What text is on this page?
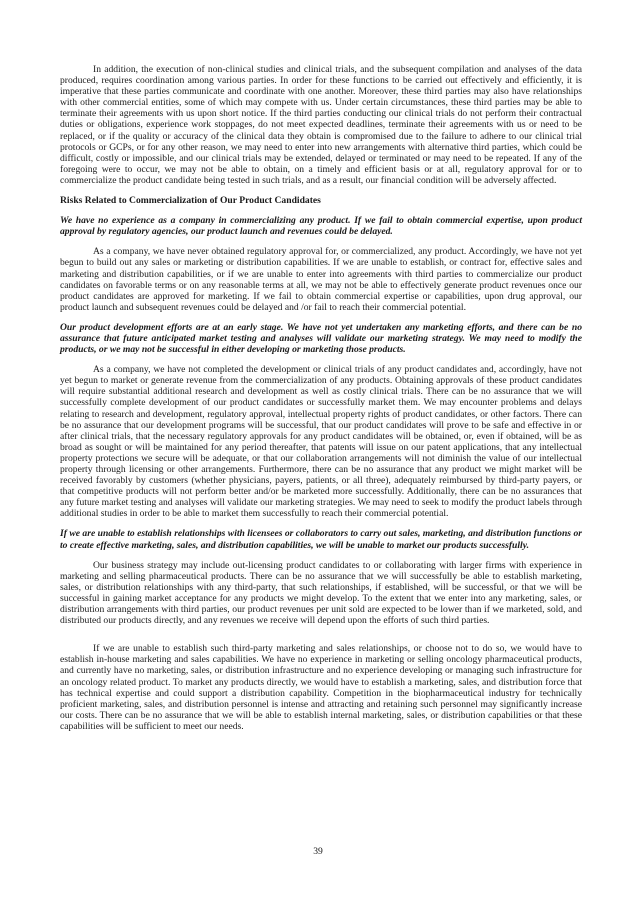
In addition, the execution of non-clinical studies and clinical trials, and the subsequent compilation and analyses of the data produced, requires coordination among various parties. In order for these functions to be carried out effectively and efficiently, it is imperative that these parties communicate and coordinate with one another. Moreover, these third parties may also have relationships with other commercial entities, some of which may compete with us. Under certain circumstances, these third parties may be able to terminate their agreements with us upon short notice. If the third parties conducting our clinical trials do not perform their contractual duties or obligations, experience work stoppages, do not meet expected deadlines, terminate their agreements with us or need to be replaced, or if the quality or accuracy of the clinical data they obtain is compromised due to the failure to adhere to our clinical trial protocols or GCPs, or for any other reason, we may need to enter into new arrangements with alternative third parties, which could be difficult, costly or impossible, and our clinical trials may be extended, delayed or terminated or may need to be repeated. If any of the foregoing were to occur, we may not be able to obtain, on a timely and efficient basis or at all, regulatory approval for or to commercialize the product candidate being tested in such trials, and as a result, our financial condition will be adversely affected.

Risks Related to Commercialization of Our Product Candidates

We have no experience as a company in commercializing any product. If we fail to obtain commercial expertise, upon product approval by regulatory agencies, our product launch and revenues could be delayed.

As a company, we have never obtained regulatory approval for, or commercialized, any product. Accordingly, we have not yet begun to build out any sales or marketing or distribution capabilities. If we are unable to establish, or contract for, effective sales and marketing and distribution capabilities, or if we are unable to enter into agreements with third parties to commercialize our product candidates on favorable terms or on any reasonable terms at all, we may not be able to effectively generate product revenues once our product candidates are approved for marketing. If we fail to obtain commercial expertise or capabilities, upon drug approval, our product launch and subsequent revenues could be delayed and /or fail to reach their commercial potential.

Our product development efforts are at an early stage. We have not yet undertaken any marketing efforts, and there can be no assurance that future anticipated market testing and analyses will validate our marketing strategy. We may need to modify the products, or we may not be successful in either developing or marketing those products.

As a company, we have not completed the development or clinical trials of any product candidates and, accordingly, have not yet begun to market or generate revenue from the commercialization of any products. Obtaining approvals of these product candidates will require substantial additional research and development as well as costly clinical trials. There can be no assurance that we will successfully complete development of our product candidates or successfully market them. We may encounter problems and delays relating to research and development, regulatory approval, intellectual property rights of product candidates, or other factors. There can be no assurance that our development programs will be successful, that our product candidates will prove to be safe and effective in or after clinical trials, that the necessary regulatory approvals for any product candidates will be obtained, or, even if obtained, will be as broad as sought or will be maintained for any period thereafter, that patents will issue on our patent applications, that any intellectual property protections we secure will be adequate, or that our collaboration arrangements will not diminish the value of our intellectual property through licensing or other arrangements. Furthermore, there can be no assurance that any product we might market will be received favorably by customers (whether physicians, payers, patients, or all three), adequately reimbursed by third-party payers, or that competitive products will not perform better and/or be marketed more successfully. Additionally, there can be no assurances that any future market testing and analyses will validate our marketing strategies. We may need to seek to modify the product labels through additional studies in order to be able to market them successfully to reach their commercial potential.

If we are unable to establish relationships with licensees or collaborators to carry out sales, marketing, and distribution functions or to create effective marketing, sales, and distribution capabilities, we will be unable to market our products successfully.

Our business strategy may include out-licensing product candidates to or collaborating with larger firms with experience in marketing and selling pharmaceutical products. There can be no assurance that we will successfully be able to establish marketing, sales, or distribution relationships with any third-party, that such relationships, if established, will be successful, or that we will be successful in gaining market acceptance for any products we might develop. To the extent that we enter into any marketing, sales, or distribution arrangements with third parties, our product revenues per unit sold are expected to be lower than if we marketed, sold, and distributed our products directly, and any revenues we receive will depend upon the efforts of such third parties.

If we are unable to establish such third-party marketing and sales relationships, or choose not to do so, we would have to establish in-house marketing and sales capabilities. We have no experience in marketing or selling oncology pharmaceutical products, and currently have no marketing, sales, or distribution infrastructure and no experience developing or managing such infrastructure for an oncology related product. To market any products directly, we would have to establish a marketing, sales, and distribution force that has technical expertise and could support a distribution capability. Competition in the biopharmaceutical industry for technically proficient marketing, sales, and distribution personnel is intense and attracting and retaining such personnel may significantly increase our costs. There can be no assurance that we will be able to establish internal marketing, sales, or distribution capabilities or that these capabilities will be sufficient to meet our needs.

39
